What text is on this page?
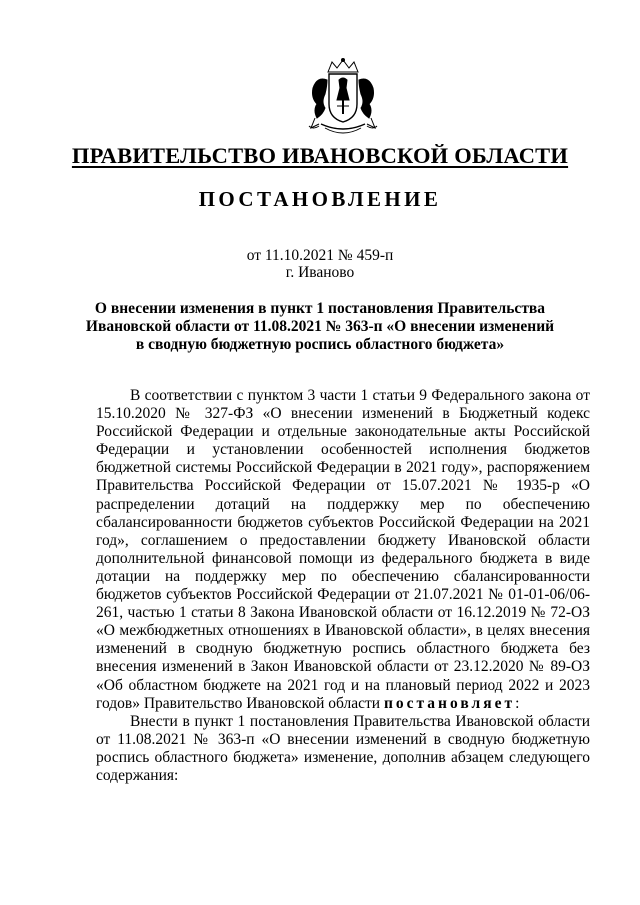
ПРАВИТЕЛЬСТВО ИВАНОВСКОЙ ОБЛАСТИ
ПОСТАНОВЛЕНИЕ
от 11.10.2021 № 459-п
г. Иваново
О внесении изменения в пункт 1 постановления Правительства
Ивановской области от 11.08.2021 № 363-п «О внесении изменений
в сводную бюджетную роспись областного бюджета»

В соответствии с пунктом 3 части 1 статьи 9 Федерального закона от 15.10.2020 № 327-ФЗ «О внесении изменений в Бюджетный кодекс Российской Федерации и отдельные законодательные акты Российской Федерации и установлении особенностей исполнения бюджетов бюджетной системы Российской Федерации в 2021 году», распоряжением Правительства Российской Федерации от 15.07.2021 № 1935-р «О распределении дотаций на поддержку мер по обеспечению сбалансированности бюджетов субъектов Российской Федерации на 2021 год», соглашением о предоставлении бюджету Ивановской области дополнительной финансовой помощи из федерального бюджета в виде дотации на поддержку мер по обеспечению сбалансированности бюджетов субъектов Российской Федерации от 21.07.2021 № 01-01-06/06-261, частью 1 статьи 8 Закона Ивановской области от 16.12.2019 № 72-ОЗ «О межбюджетных отношениях в Ивановской области», в целях внесения изменений в сводную бюджетную роспись областного бюджета без внесения изменений в Закон Ивановской области от 23.12.2020 № 89-ОЗ «Об областном бюджете на 2021 год и на плановый период 2022 и 2023 годов» Правительство Ивановской области постановляет:

Внести в пункт 1 постановления Правительства Ивановской области от 11.08.2021 № 363-п «О внесении изменений в сводную бюджетную роспись областного бюджета» изменение, дополнив абзацем следующего содержания:
